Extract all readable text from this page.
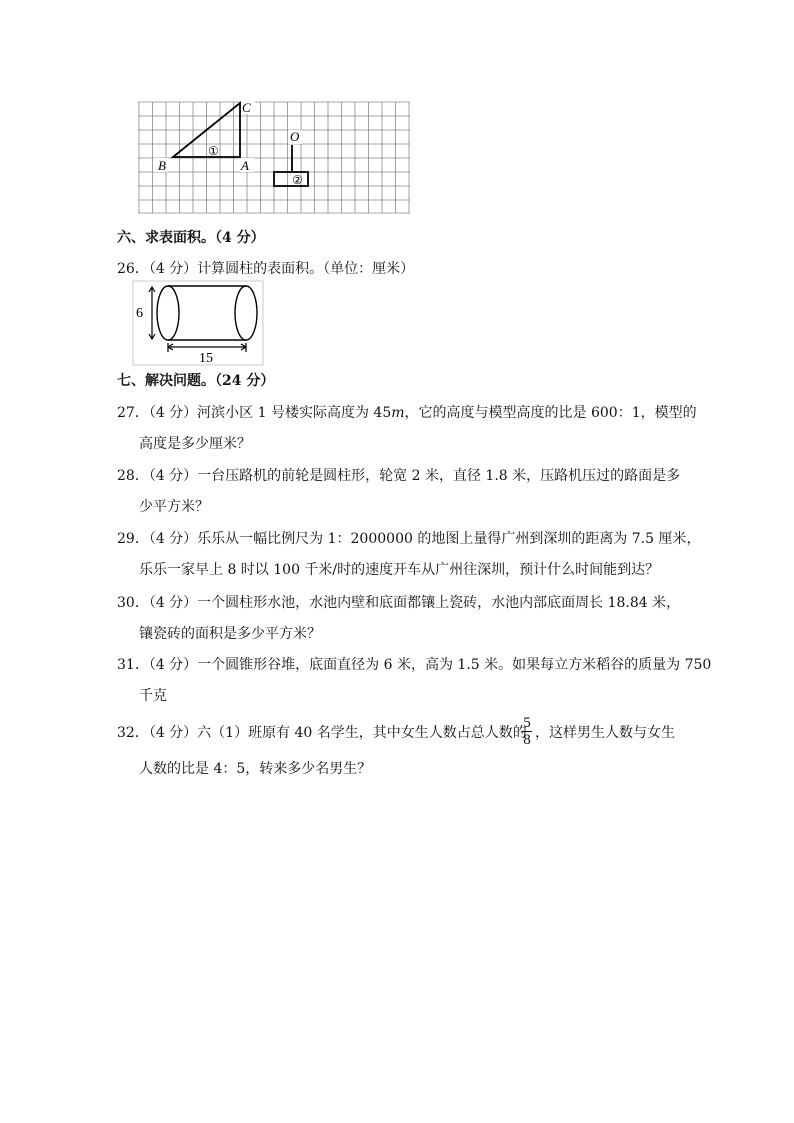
B	A
C
O
①
②
六、求表面积。（4 分）
26．（4 分）计算圆柱的表面积。（单位：厘米）
6
15
七、解决问题。（24 分）
27．（4 分）河滨小区 1 号楼实际高度为 45m，它的高度与模型高度的比是 600：1，模型的
高度是多少厘米？
28．（4 分）一台压路机的前轮是圆柱形，轮宽 2 米，直径 1.8 米，压路机压过的路面是多
少平方米？
29．（4 分）乐乐从一幅比例尺为 1：2000000 的地图上量得广州到深圳的距离为 7.5 厘米，
乐乐一家早上 8 时以 100 千米/时的速度开车从广州往深圳，预计什么时间能到达？
30．（4 分）一个圆柱形水池，水池内壁和底面都镶上瓷砖，水池内部底面周长 18.84 米，
镶瓷砖的面积是多少平方米？
31．（4 分）一个圆锥形谷堆，底面直径为 6 米，高为 1.5 米。如果每立方米稻谷的质量为 750
千克
32．（4 分）六（1）班原有 40 名学生，其中女生人数占总人数的
5
8 ，这样男生人数与女生
人数的比是 4：5，转来多少名男生？
